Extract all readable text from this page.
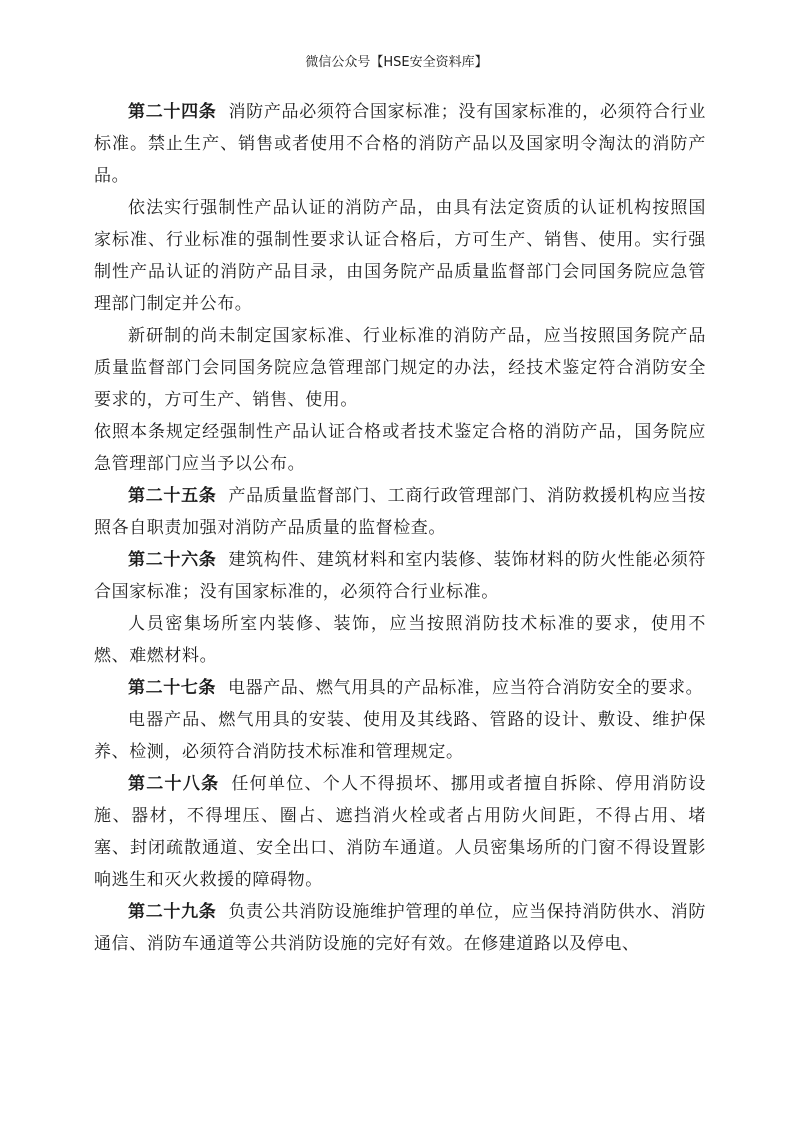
微信公众号【HSE安全资料库】

第二十四条 消防产品必须符合国家标准；没有国家标准的，必须符合行业标准。禁止生产、销售或者使用不合格的消防产品以及国家明令淘汰的消防产品。

依法实行强制性产品认证的消防产品，由具有法定资质的认证机构按照国家标准、行业标准的强制性要求认证合格后，方可生产、销售、使用。实行强制性产品认证的消防产品目录，由国务院产品质量监督部门会同国务院应急管理部门制定并公布。

新研制的尚未制定国家标准、行业标准的消防产品，应当按照国务院产品质量监督部门会同国务院应急管理部门规定的办法，经技术鉴定符合消防安全要求的，方可生产、销售、使用。

依照本条规定经强制性产品认证合格或者技术鉴定合格的消防产品，国务院应急管理部门应当予以公布。

第二十五条 产品质量监督部门、工商行政管理部门、消防救援机构应当按照各自职责加强对消防产品质量的监督检查。

第二十六条 建筑构件、建筑材料和室内装修、装饰材料的防火性能必须符合国家标准；没有国家标准的，必须符合行业标准。

人员密集场所室内装修、装饰，应当按照消防技术标准的要求，使用不燃、难燃材料。

第二十七条 电器产品、燃气用具的产品标准，应当符合消防安全的要求。

电器产品、燃气用具的安装、使用及其线路、管路的设计、敷设、维护保养、检测，必须符合消防技术标准和管理规定。

第二十八条 任何单位、个人不得损坏、挪用或者擅自拆除、停用消防设施、器材，不得埋压、圈占、遮挡消火栓或者占用防火间距，不得占用、堵塞、封闭疏散通道、安全出口、消防车通道。人员密集场所的门窗不得设置影响逃生和灭火救援的障碍物。

第二十九条 负责公共消防设施维护管理的单位，应当保持消防供水、消防通信、消防车通道等公共消防设施的完好有效。在修建道路以及停电、
